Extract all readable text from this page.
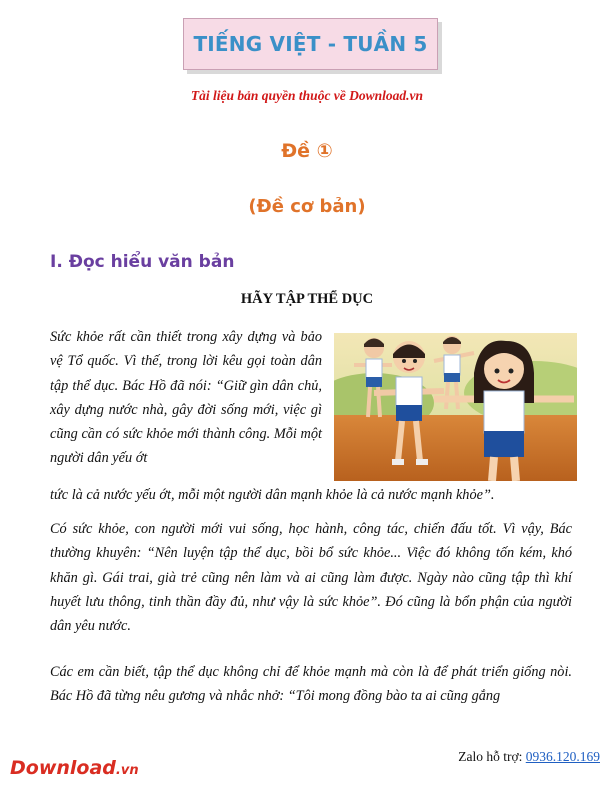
TIẾNG VIỆT - TUẦN 5
Tài liệu bản quyền thuộc về Download.vn
Đề ①
(Đề cơ bản)
I. Đọc hiểu văn bản
HÃY TẬP THỂ DỤC

Sức khỏe rất cần thiết trong xây dựng và bảo vệ Tổ quốc. Vì thế, trong lời kêu gọi toàn dân tập thể dục. Bác Hồ đã nói: “Giữ gìn dân chủ, xây dựng nước nhà, gây đời sống mới, việc gì cũng cần có sức khỏe mới thành công. Mỗi một người dân yếu ớt

tức là cả nước yếu ớt, mỗi một người dân mạnh khỏe là cả nước mạnh khỏe”.

Có sức khỏe, con người mới vui sống, học hành, công tác, chiến đấu tốt. Vì vậy, Bác thường khuyên: “Nên luyện tập thể dục, bồi bổ sức khỏe... Việc đó không tốn kém, khó khăn gì. Gái trai, già trẻ cũng nên làm và ai cũng làm được. Ngày nào cũng tập thì khí huyết lưu thông, tinh thần đầy đủ, như vậy là sức khỏe”. Đó cũng là bổn phận của người dân yêu nước.

Các em cần biết, tập thể dục không chỉ để khỏe mạnh mà còn là để phát triển giống nòi. Bác Hồ đã từng nêu gương và nhắc nhở: “Tôi mong đồng bào ta ai cũng gắng

Download.vn
Zalo hỗ trợ: 0936.120.169
